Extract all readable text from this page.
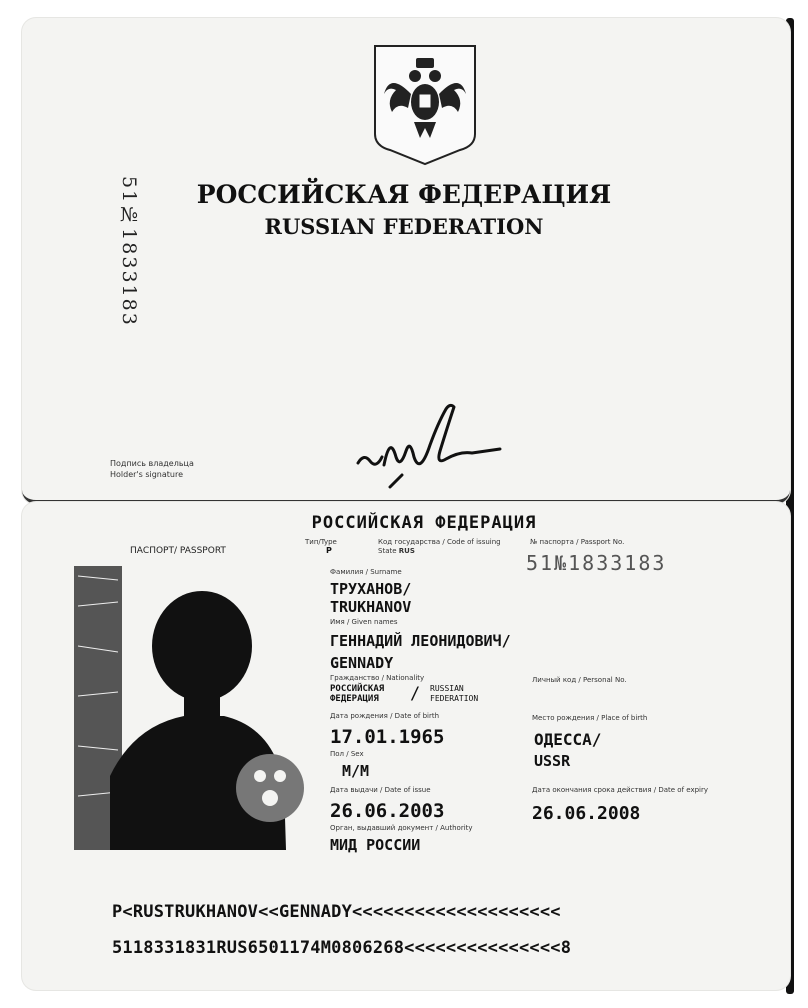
51№1833183	РОССИЙСКАЯ ФЕДЕРАЦИЯ
RUSSIAN FEDERATION
Подпись владельца
Holder's signature
РОССИЙСКАЯ ФЕДЕРАЦИЯ
ПАСПОРТ/ PASSPORT
Тип/Type
P
Код государства / Code of issuing State RUS
№ паспорта / Passport No.
51№1833183
Фамилия / Surname
ТРУХАНОВ/
TRUKHANOV
Имя / Given names
ГЕННАДИЙ ЛЕОНИДОВИЧ/
GENNADY
Гражданство / Nationality
РОССИЙСКАЯ ФЕДЕРАЦИЯ	/ RUSSIAN FEDERATION
Личный код / Personal No.
Дата рождения / Date of birth
17.01.1965
Место рождения / Place of birth
ОДЕССА/
USSR
Пол / Sex
М/M
Дата выдачи / Date of issue
26.06.2003
Дата окончания срока действия / Date of expiry
26.06.2008
Орган, выдавший документ / Authority
МИД РОССИИ
P<RUSTRUKHANOV<<GENNADY<<<<<<<<<<<<<<<<<<<<
5118331831RUS6501174M0806268<<<<<<<<<<<<<<<8
